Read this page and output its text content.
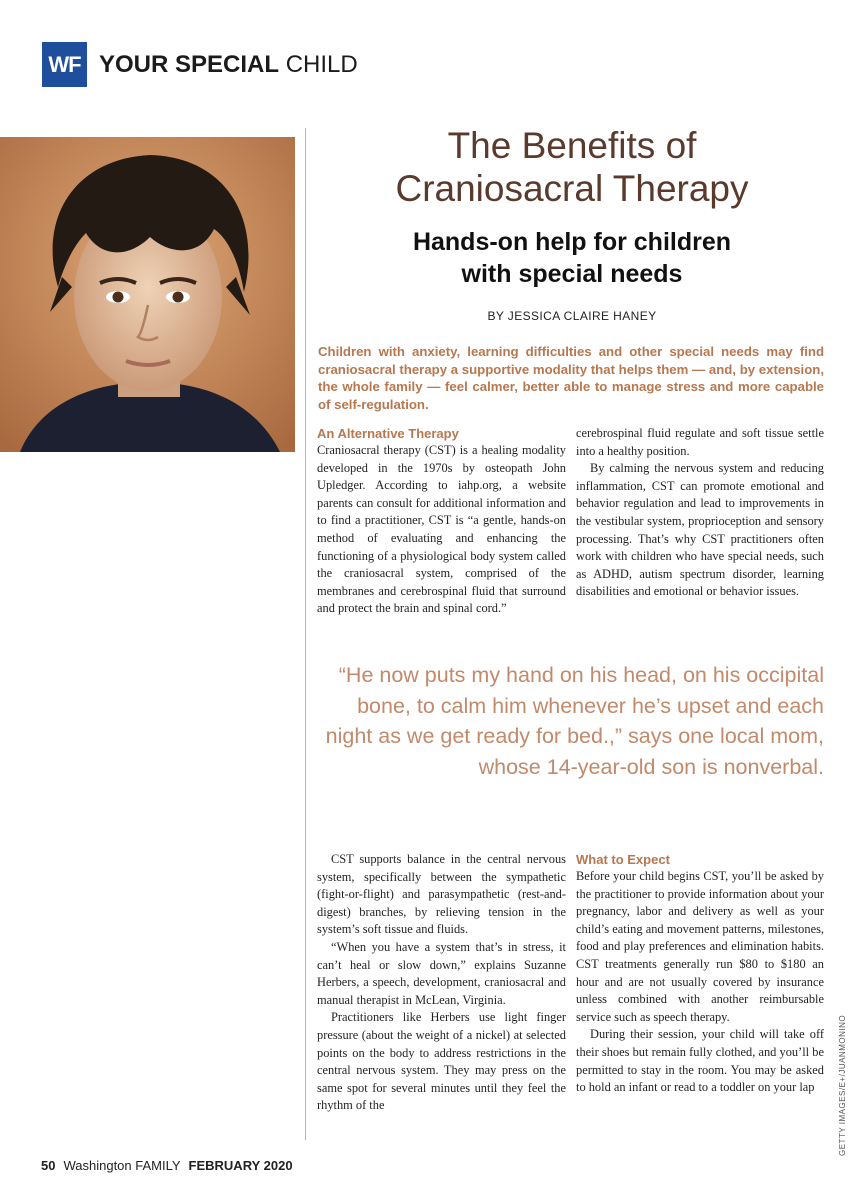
WF YOUR SPECIAL CHILD
The Benefits of
Craniosacral Therapy
Hands-on help for children
with special needs
BY JESSICA CLAIRE HANEY

Children with anxiety, learning difficulties and other special needs may find craniosacral therapy a supportive modality that helps them — and, by extension, the whole family — feel calmer, better able to manage stress and more capable of self-regulation.

An Alternative Therapy

Craniosacral therapy (CST) is a healing modality developed in the 1970s by osteopath John Upledger. According to iahp.org, a website parents can consult for additional information and to find a practitioner, CST is “a gentle, hands-on method of evaluating and enhancing the functioning of a physiological body system called the craniosacral system, comprised of the membranes and cerebrospinal fluid that surround and protect the brain and spinal cord.”

cerebrospinal fluid regulate and soft tissue settle into a healthy position.

By calming the nervous system and reducing inflammation, CST can promote emotional and behavior regulation and lead to improvements in the vestibular system, proprioception and sensory processing. That’s why CST practitioners often work with children who have special needs, such as ADHD, autism spectrum disorder, learning disabilities and emotional or behavior issues.

“He now puts my hand on his head, on his occipital bone, to calm him whenever he’s upset and each night as we get ready for bed.,” says one local mom, whose 14-year-old son is nonverbal.

CST supports balance in the central nervous system, specifically between the sympathetic (fight-or-flight) and parasympathetic (rest-and-digest) branches, by relieving tension in the system’s soft tissue and fluids.

“When you have a system that’s in stress, it can’t heal or slow down,” explains Suzanne Herbers, a speech, development, craniosacral and manual therapist in McLean, Virginia.

Practitioners like Herbers use light finger pressure (about the weight of a nickel) at selected points on the body to address restrictions in the central nervous system. They may press on the same spot for several minutes until they feel the rhythm of the

What to Expect

Before your child begins CST, you’ll be asked by the practitioner to provide information about your pregnancy, labor and delivery as well as your child’s eating and movement patterns, milestones, food and play preferences and elimination habits. CST treatments generally run $80 to $180 an hour and are not usually covered by insurance unless combined with another reimbursable service such as speech therapy.

During their session, your child will take off their shoes but remain fully clothed, and you’ll be permitted to stay in the room. You may be asked to hold an infant or read to a toddler on your lap	GETTY IMAGES/E+/JUANMONINO
50 Washington FAMILY FEBRUARY 2020
